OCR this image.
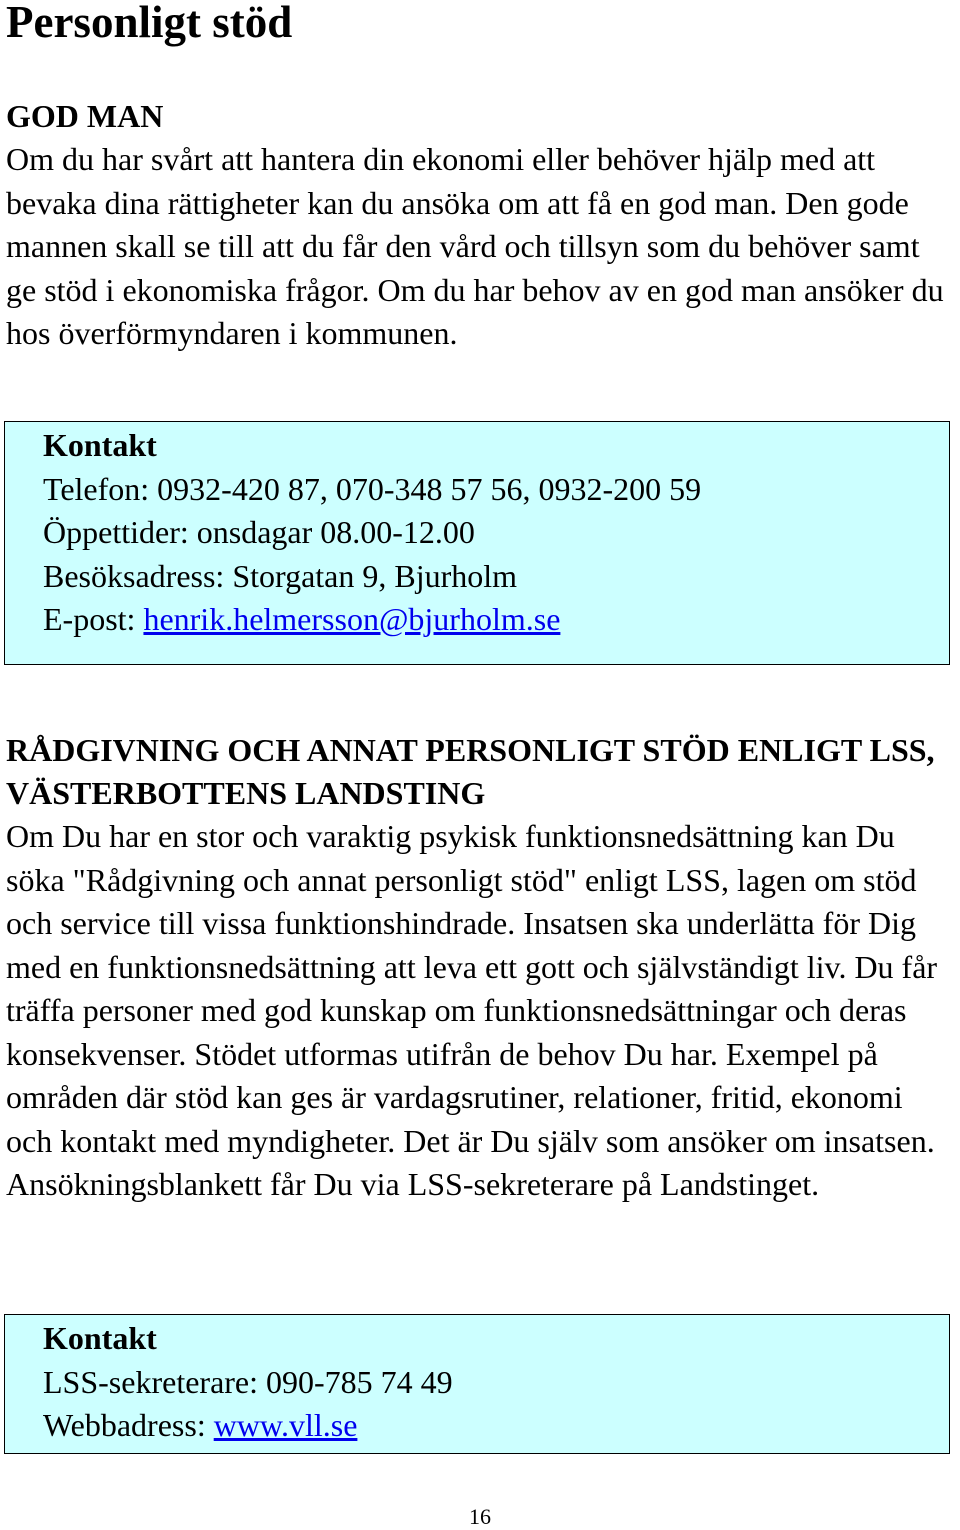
Personligt stöd
GOD MAN

Om du har svårt att hantera din ekonomi eller behöver hjälp med att bevaka dina rättigheter kan du ansöka om att få en god man. Den gode mannen skall se till att du får den vård och tillsyn som du behöver samt ge stöd i ekonomiska frågor. Om du har behov av en god man ansöker du hos överförmyndaren i kommunen.

Kontakt
Telefon: 0932-420 87, 070-348 57 56, 0932-200 59
Öppettider: onsdagar 08.00-12.00
Besöksadress: Storgatan 9, Bjurholm
E-post: henrik.helmersson@bjurholm.se
RÅDGIVNING OCH ANNAT PERSONLIGT STÖD ENLIGT LSS, VÄSTERBOTTENS LANDSTING

Om Du har en stor och varaktig psykisk funktionsnedsättning kan Du söka "Rådgivning och annat personligt stöd" enligt LSS, lagen om stöd och service till vissa funktionshindrade. Insatsen ska underlätta för Dig med en funktionsnedsättning att leva ett gott och självständigt liv. Du får träffa personer med god kunskap om funktionsnedsättningar och deras konsekvenser. Stödet utformas utifrån de behov Du har. Exempel på områden där stöd kan ges är vardagsrutiner, relationer, fritid, ekonomi och kontakt med myndigheter. Det är Du själv som ansöker om insatsen. Ansökningsblankett får Du via LSS-sekreterare på Landstinget.

Kontakt
LSS-sekreterare: 090-785 74 49
Webbadress: www.vll.se
16
